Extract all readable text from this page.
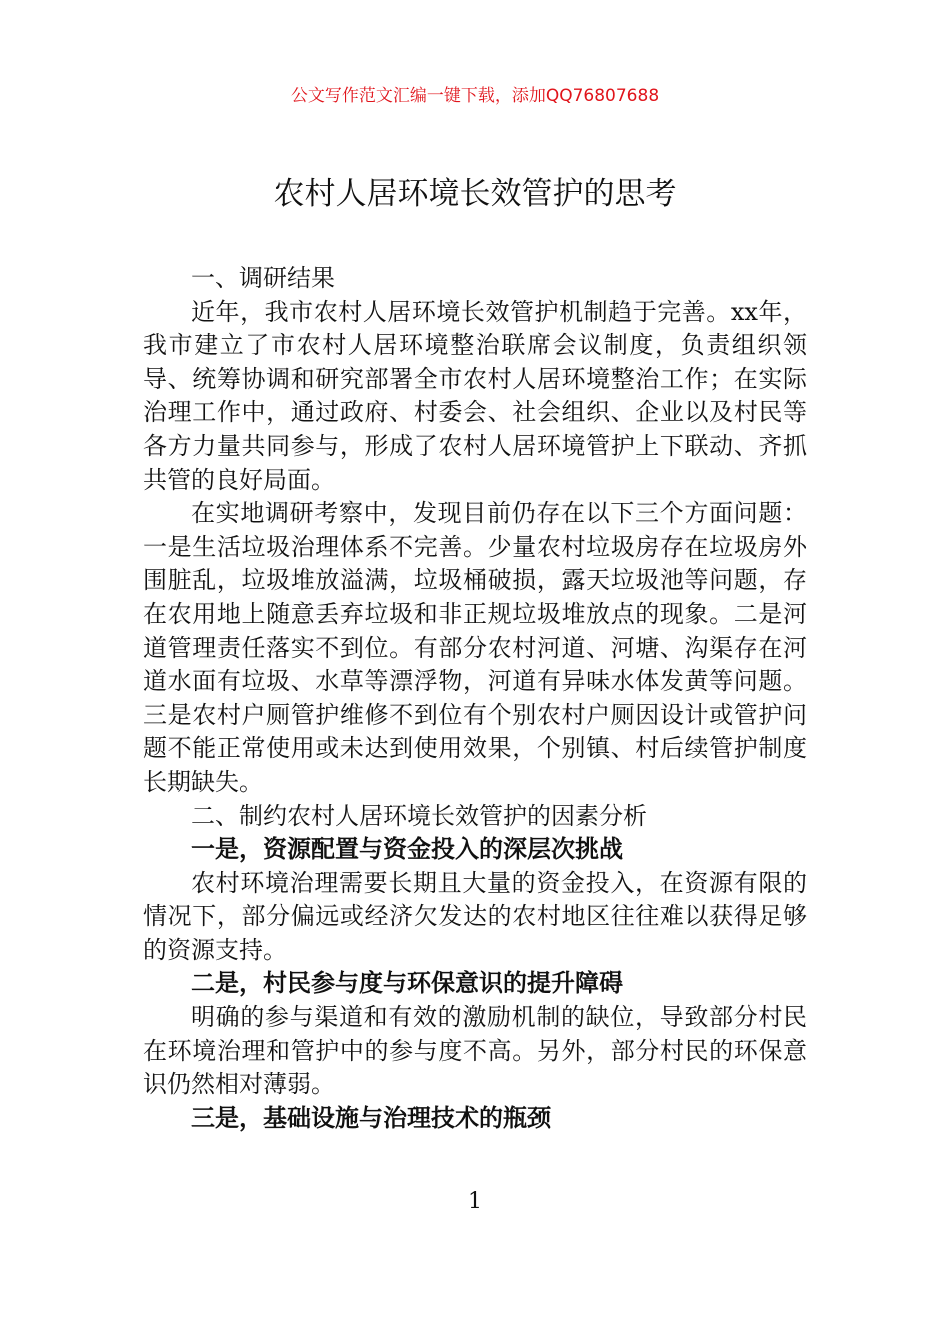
公文写作范文汇编一键下载，添加QQ76807688
农村人居环境长效管护的思考

一、调研结果

近年，我市农村人居环境长效管护机制趋于完善。xx年，我市建立了市农村人居环境整治联席会议制度，负责组织领导、统筹协调和研究部署全市农村人居环境整治工作；在实际治理工作中，通过政府、村委会、社会组织、企业以及村民等各方力量共同参与，形成了农村人居环境管护上下联动、齐抓共管的良好局面。

在实地调研考察中，发现目前仍存在以下三个方面问题：一是生活垃圾治理体系不完善。少量农村垃圾房存在垃圾房外围脏乱，垃圾堆放溢满，垃圾桶破损，露天垃圾池等问题，存在农用地上随意丢弃垃圾和非正规垃圾堆放点的现象。二是河道管理责任落实不到位。有部分农村河道、河塘、沟渠存在河道水面有垃圾、水草等漂浮物，河道有异味水体发黄等问题。三是农村户厕管护维修不到位有个别农村户厕因设计或管护问题不能正常使用或未达到使用效果，个别镇、村后续管护制度长期缺失。

二、制约农村人居环境长效管护的因素分析

一是，资源配置与资金投入的深层次挑战

农村环境治理需要长期且大量的资金投入，在资源有限的情况下，部分偏远或经济欠发达的农村地区往往难以获得足够的资源支持。

二是，村民参与度与环保意识的提升障碍

明确的参与渠道和有效的激励机制的缺位，导致部分村民在环境治理和管护中的参与度不高。另外，部分村民的环保意识仍然相对薄弱。

三是，基础设施与治理技术的瓶颈

1
